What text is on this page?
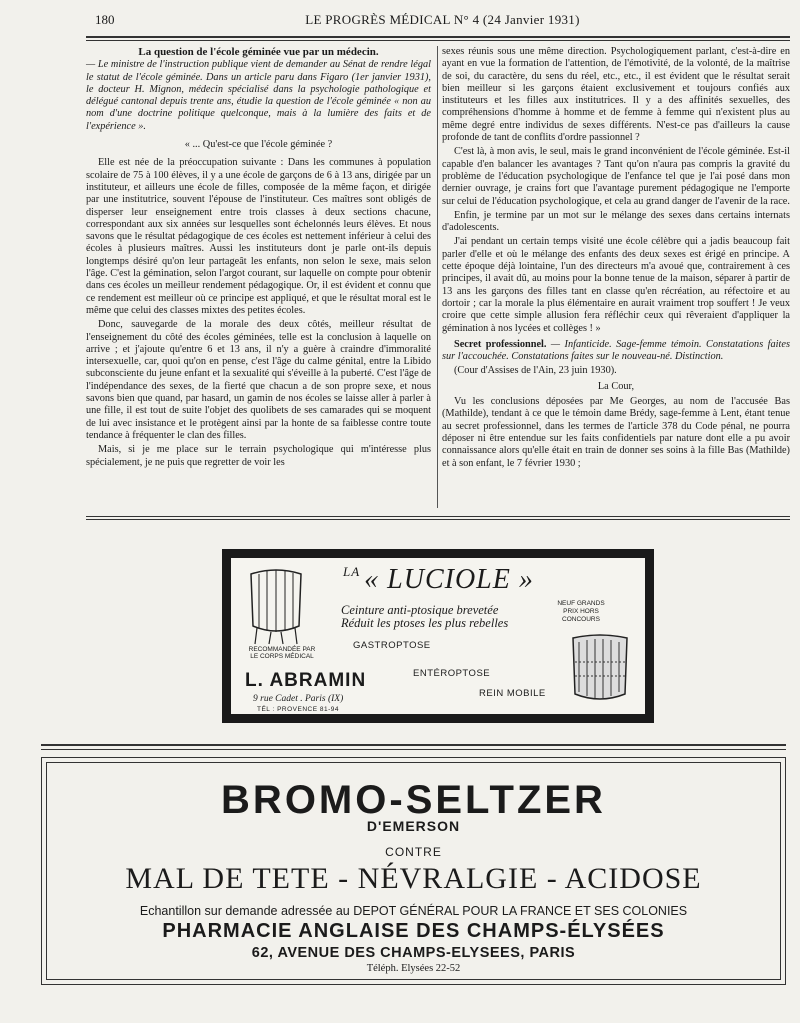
180	LE PROGRÈS MÉDICAL N° 4 (24 Janvier 1931)

La question de l'école géminée vue par un médecin.

— Le ministre de l'instruction publique vient de demander au Sénat de rendre légal le statut de l'école géminée. Dans un article paru dans Figaro (1er janvier 1931), le docteur H. Mignon, médecin spécialisé dans la psychologie pathologique et délégué cantonal depuis trente ans, étudie la question de l'école géminée « non au nom d'une doctrine politique quelconque, mais à la lumière des faits et de l'expérience ».

« ... Qu'est-ce que l'école géminée ?

Elle est née de la préoccupation suivante : Dans les communes à population scolaire de 75 à 100 élèves, il y a une école de garçons de 6 à 13 ans, dirigée par un instituteur, et ailleurs une école de filles, composée de la même façon, et dirigée par une institutrice, souvent l'épouse de l'instituteur. Ces maîtres sont obligés de disperser leur enseignement entre trois classes à deux sections chacune, correspondant aux six années sur lesquelles sont échelonnés leurs élèves. Et nous savons que le résultat pédagogique de ces écoles est nettement inférieur à celui des écoles à plusieurs maîtres. Aussi les instituteurs dont je parle ont-ils depuis longtemps désiré qu'on leur partageât les enfants, non selon le sexe, mais selon l'âge. C'est la gémination, selon l'argot courant, sur laquelle on compte pour obtenir dans ces écoles un meilleur rendement pédagogique. Or, il est évident et connu que ce rendement est meilleur où ce principe est appliqué, et que le résultat moral est le même que celui des classes mixtes des petites écoles.

Donc, sauvegarde de la morale des deux côtés, meilleur résultat de l'enseignement du côté des écoles géminées, telle est la conclusion à laquelle on arrive ; et j'ajoute qu'entre 6 et 13 ans, il n'y a guère à craindre d'immoralité intersexuelle, car, quoi qu'on en pense, c'est l'âge du calme génital, entre la Libido subconsciente du jeune enfant et la sexualité qui s'éveille à la puberté. C'est l'âge de l'indépendance des sexes, de la fierté que chacun a de son propre sexe, et nous savons bien que quand, par hasard, un gamin de nos écoles se laisse aller à parler à une fille, il est tout de suite l'objet des quolibets de ses camarades qui se moquent de lui avec insistance et le protègent ainsi par la honte de sa faiblesse contre toute tendance à fréquenter le clan des filles.

Mais, si je me place sur le terrain psychologique qui m'intéresse plus spécialement, je ne puis que regretter de voir les

sexes réunis sous une même direction. Psychologiquement parlant, c'est-à-dire en ayant en vue la formation de l'attention, de l'émotivité, de la volonté, de la maîtrise de soi, du caractère, du sens du réel, etc., etc., il est évident que le résultat serait bien meilleur si les garçons étaient exclusivement et toujours confiés aux instituteurs et les filles aux institutrices. Il y a des affinités sexuelles, des compréhensions d'homme à homme et de femme à femme qui n'existent plus au même degré entre individus de sexes différents. N'est-ce pas d'ailleurs la cause profonde de tant de conflits d'ordre passionnel ?

C'est là, à mon avis, le seul, mais le grand inconvénient de l'école géminée. Est-il capable d'en balancer les avantages ? Tant qu'on n'aura pas compris la gravité du problème de l'éducation psychologique de l'enfance tel que je l'ai posé dans mon dernier ouvrage, je crains fort que l'avantage purement pédagogique ne l'emporte sur celui de l'éducation psychologique, et cela au grand danger de l'avenir de la race.

Enfin, je termine par un mot sur le mélange des sexes dans certains internats d'adolescents.

J'ai pendant un certain temps visité une école célèbre qui a jadis beaucoup fait parler d'elle et où le mélange des enfants des deux sexes est érigé en principe. A cette époque déjà lointaine, l'un des directeurs m'a avoué que, contrairement à ces principes, il avait dû, au moins pour la bonne tenue de la maison, séparer à partir de 13 ans les garçons des filles tant en classe qu'en récréation, au réfectoire et au dortoir ; car la morale la plus élémentaire en aurait vraiment trop souffert ! Je veux croire que cette simple allusion fera réfléchir ceux qui rêveraient d'appliquer la gémination à nos lycées et collèges ! »

Secret professionnel. — Infanticide. Sage-femme témoin. Constatations faites sur l'accouchée. Constatations faites sur le nouveau-né. Distinction.

(Cour d'Assises de l'Ain, 23 juin 1930).

La Cour,

Vu les conclusions déposées par Me Georges, au nom de l'accusée Bas (Mathilde), tendant à ce que le témoin dame Brédy, sage-femme à Lent, étant tenue au secret professionnel, dans les termes de l'article 378 du Code pénal, ne pourra déposer ni être entendue sur les faits confidentiels par nature dont elle a pu avoir connaissance alors qu'elle était en train de donner ses soins à la fille Bas (Mathilde) et à son enfant, le 7 février 1930 ;

$^{LA}$ « LUCIOLE »
Ceinture anti-ptosique brevetée
Réduit les ptoses les plus rebelles
GASTROPTOSE
ENTÉROPTOSE
REIN MOBILE
RECOMMANDÉE PAR LE CORPS MÉDICAL
NEUF GRANDS PRIX HORS CONCOURS
L. ABRAMIN
9 rue Cadet . Paris (IX)
TÉL : PROVENCE 81-94
BROMO-SELTZER
D'EMERSON
CONTRE
MAL DE TETE - NÉVRALGIE - ACIDOSE
Echantillon sur demande adressée au DEPOT GÉNÉRAL POUR LA FRANCE ET SES COLONIES
PHARMACIE ANGLAISE DES CHAMPS-ÉLYSÉES
62, AVENUE DES CHAMPS-ELYSEES, PARIS
Téléph. Elysées 22-52
